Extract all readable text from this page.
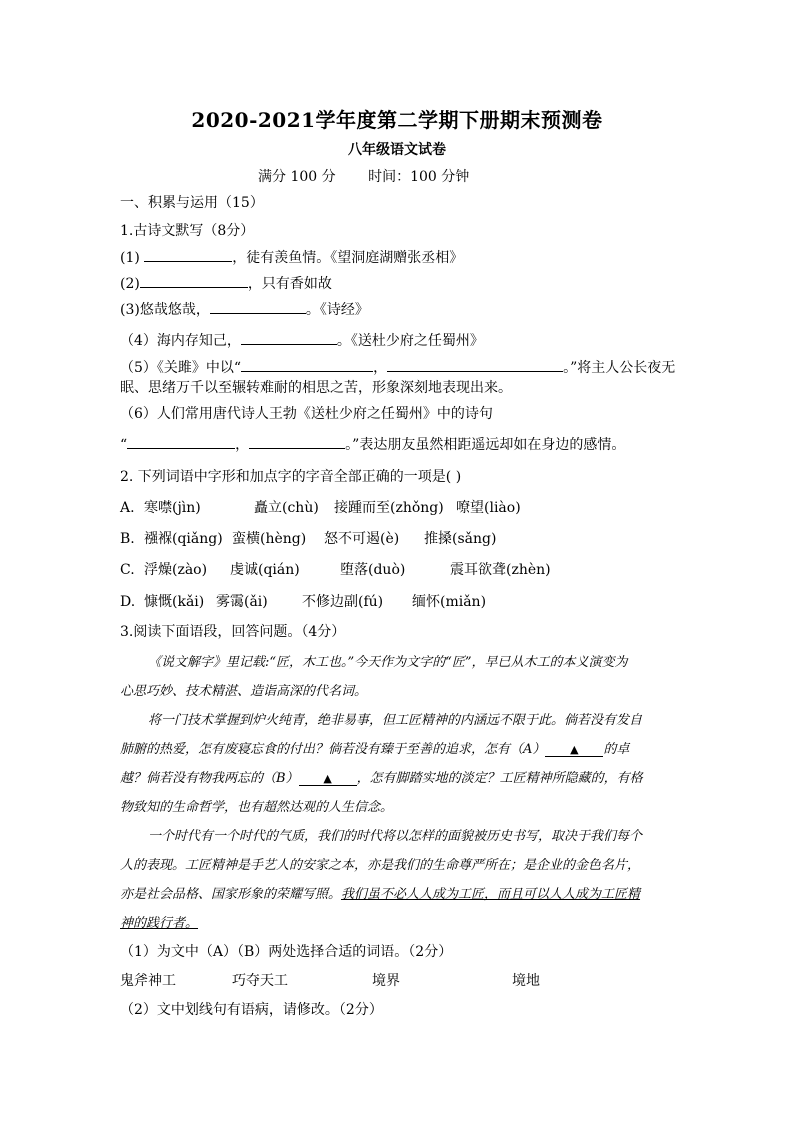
2020-2021学年度第二学期下册期末预测卷
八年级语文试卷
满分 100 分 时间：100 分钟
一、积累与运用（15）
1.古诗文默写（8分）
(1)	，徒有羡鱼情。《望洞庭湖赠张丞相》
(2)	，只有香如故
(3)悠哉悠哉，	。《诗经》
（4）海内存知己，	。《送杜少府之任蜀州》
（5）《关雎》中以“	，	。”将主人公长夜无
眠、思绪万千以至辗转难耐的相思之苦，形象深刻地表现出来。
（6）人们常用唐代诗人王勃《送杜少府之任蜀州》中的诗句
“	，	。”表达朋友虽然相距遥远却如在身边的感情。
2. 下列词语中字形和加点字的字音全部正确的一项是( )
A. 寒噤(jìn)	矗立(chù) 接踵而至(zhǒng) 嘹望(liào)
B. 襁褓(qiǎng) 蛮横(hèng) 怒不可遏(è) 推搡(sǎng)
C. 浮燥(zào) 虔诚(qián)	堕落(duò)	震耳欲聋(zhèn)
D. 慷慨(kǎi) 雾霭(ǎi) 不修边副(fú) 缅怀(miǎn)
3.阅读下面语段，回答问题。（4分）
《说文解字》里记载:“匠，木工也。”今天作为文字的“匠”，早已从木工的本义演变为
心思巧妙、技术精湛、造诣高深的代名词。
将一门技术掌握到炉火纯青，绝非易事，但工匠精神的内涵远不限于此。倘若没有发自
肺腑的热爱，怎有废寝忘食的付出？倘若没有臻于至善的追求，怎有（A） ▲ 的卓
越？倘若没有物我两忘的（B） ▲ ，怎有脚踏实地的淡定？工匠精神所隐藏的，有格
物致知的生命哲学，也有超然达观的人生信念。
一个时代有一个时代的气质，我们的时代将以怎样的面貌被历史书写，取决于我们每个
人的表现。工匠精神是手艺人的安家之本，亦是我们的生命尊严所在；是企业的金色名片，
亦是社会品格、国家形象的荣耀写照。我们虽不必人人成为工匠，而且可以人人成为工匠精
神的践行者。
（1）为文中（A）（B）两处选择合适的词语。（2分）
鬼斧神工	巧夺天工	境界	境地
（2）文中划线句有语病，请修改。（2分）
